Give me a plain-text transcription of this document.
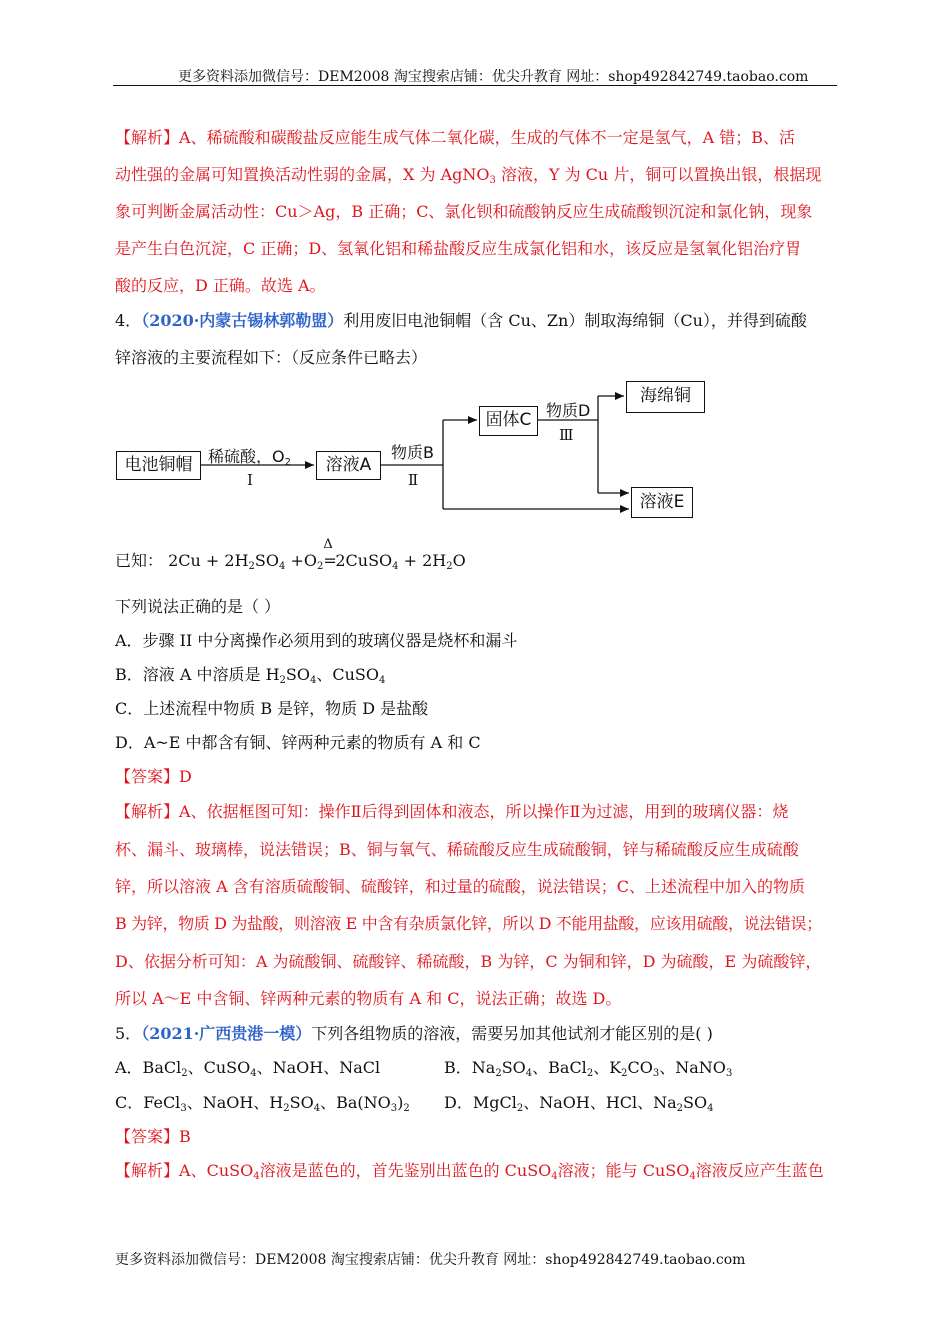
更多资料添加微信号：DEM2008 淘宝搜索店铺：优尖升教育 网址：shop492842749.taobao.com
【解析】A、稀硫酸和碳酸盐反应能生成气体二氧化碳，生成的气体不一定是氢气，A 错；B、活
动性强的金属可知置换活动性弱的金属，X 为 AgNO$_3$ 溶液，Y 为 Cu 片，铜可以置换出银，根据现
象可判断金属活动性：Cu＞Ag，B 正确；C、氯化钡和硫酸钠反应生成硫酸钡沉淀和氯化钠，现象
是产生白色沉淀，C 正确；D、氢氧化铝和稀盐酸反应生成氯化铝和水，该反应是氢氧化铝治疗胃
酸的反应，D 正确。故选 A。
4．（2020·内蒙古锡林郭勒盟）利用废旧电池铜帽（含 Cu、Zn）制取海绵铜（Cu），并得到硫酸
锌溶液的主要流程如下：（反应条件已略去）
电池铜帽 稀硫酸，$O_2$
Ⅰ
溶液A
物质B
Ⅱ
固体C 物质D
Ⅲ
海绵铜
溶液E
已知： $2Cu + 2H_2SO_4 +O_2$
Δ
=2CuSO$_4$ + $2H_2O$
下列说法正确的是（ ）
A．步骤 II 中分离操作必须用到的玻璃仪器是烧杯和漏斗
B．溶液 A 中溶质是 $H_2SO_4$、CuSO$_4$
C．上述流程中物质 B 是锌，物质 D 是盐酸
D．A~E 中都含有铜、锌两种元素的物质有 A 和 C
【答案】D
【解析】A、依据框图可知：操作Ⅱ后得到固体和液态，所以操作Ⅱ为过滤，用到的玻璃仪器：烧
杯、漏斗、玻璃棒，说法错误；B、铜与氧气、稀硫酸反应生成硫酸铜，锌与稀硫酸反应生成硫酸
锌，所以溶液 A 含有溶质硫酸铜、硫酸锌，和过量的硫酸，说法错误；C、上述流程中加入的物质
B 为锌，物质 D 为盐酸，则溶液 E 中含有杂质氯化锌，所以 D 不能用盐酸，应该用硫酸，说法错误；
D、依据分析可知：A 为硫酸铜、硫酸锌、稀硫酸，B 为锌，C 为铜和锌，D 为硫酸，E 为硫酸锌，
所以 A～E 中含铜、锌两种元素的物质有 A 和 C，说法正确；故选 D。
5．（2021·广西贵港一模）下列各组物质的溶液，需要另加其他试剂才能区别的是( )
A．BaCl$_2$、CuSO$_4$、NaOH、NaCl	B．$Na_2SO_4$、BaCl$_2$、$K_2CO_3$、NaNO$_3$
C．FeCl$_3$、NaOH、$H_2SO_4$、$Ba(NO_3)_2$ D．MgCl$_2$、NaOH、HCl、$Na_2SO_4$
【答案】B
【解析】A、CuSO$_4$溶液是蓝色的，首先鉴别出蓝色的 CuSO$_4$溶液；能与 CuSO$_4$溶液反应产生蓝色
更多资料添加微信号：DEM2008 淘宝搜索店铺：优尖升教育 网址：shop492842749.taobao.com
